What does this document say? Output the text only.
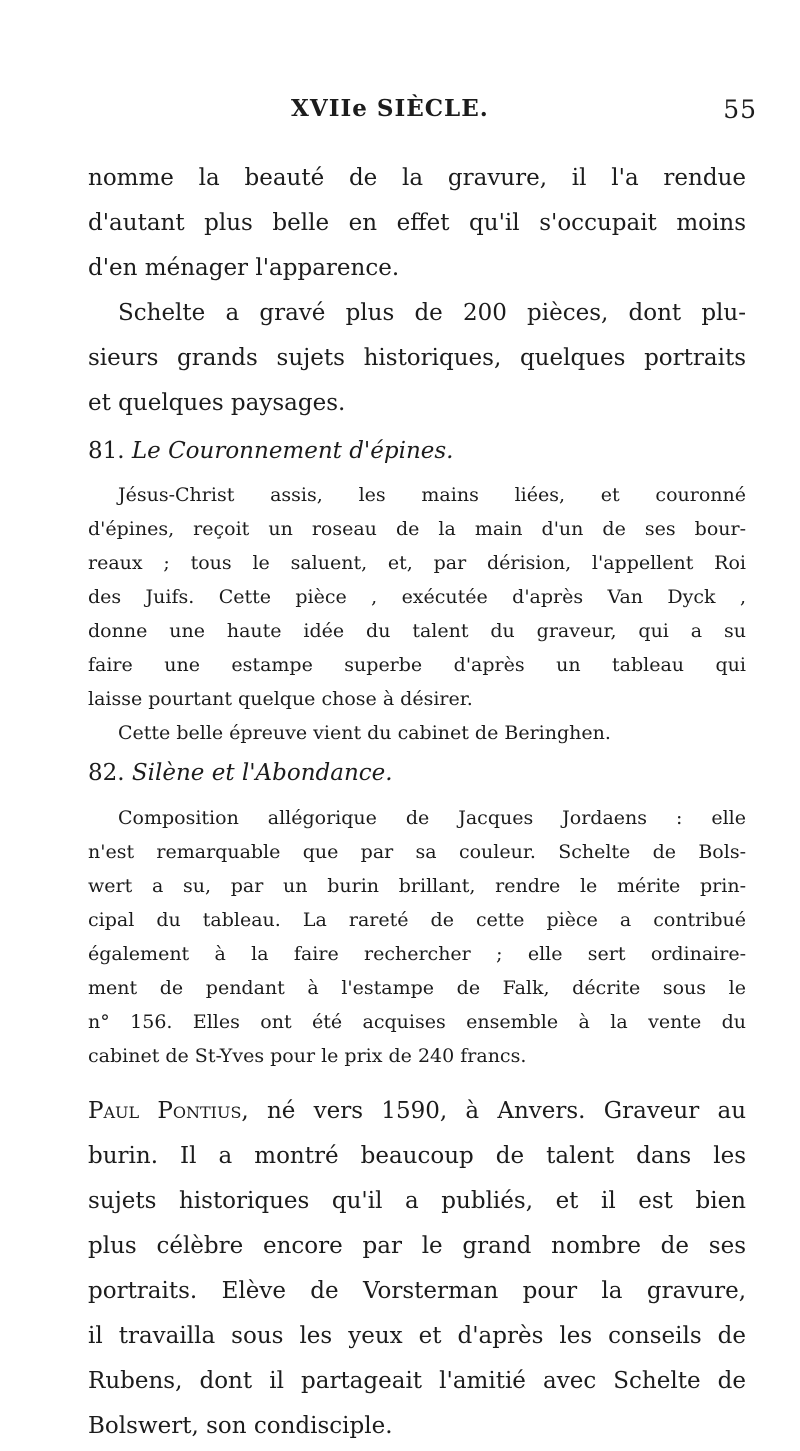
XVIIe SIÈCLE.	55
nomme la beauté de la gravure, il l'a rendue
d'autant plus belle en effet qu'il s'occupait moins
d'en ménager l'apparence.
Schelte a gravé plus de 200 pièces, dont plu-
sieurs grands sujets historiques, quelques portraits
et quelques paysages.
81. Le Couronnement d'épines.
Jésus-Christ assis, les mains liées, et couronné
d'épines, reçoit un roseau de la main d'un de ses bour-
reaux ; tous le saluent, et, par dérision, l'appellent Roi
des Juifs. Cette pièce , exécutée d'après Van Dyck ,
donne une haute idée du talent du graveur, qui a su
faire une estampe superbe d'après un tableau qui
laisse pourtant quelque chose à désirer.
Cette belle épreuve vient du cabinet de Beringhen.
82. Silène et l'Abondance.
Composition allégorique de Jacques Jordaens : elle
n'est remarquable que par sa couleur. Schelte de Bols-
wert a su, par un burin brillant, rendre le mérite prin-
cipal du tableau. La rareté de cette pièce a contribué
également à la faire rechercher ; elle sert ordinaire-
ment de pendant à l'estampe de Falk, décrite sous le
n° 156. Elles ont été acquises ensemble à la vente du
cabinet de St-Yves pour le prix de 240 francs.
Paul Pontius, né vers 1590, à Anvers. Graveur au
burin. Il a montré beaucoup de talent dans les
sujets historiques qu'il a publiés, et il est bien
plus célèbre encore par le grand nombre de ses
portraits. Elève de Vorsterman pour la gravure,
il travailla sous les yeux et d'après les conseils de
Rubens, dont il partageait l'amitié avec Schelte de
Bolswert, son condisciple.
